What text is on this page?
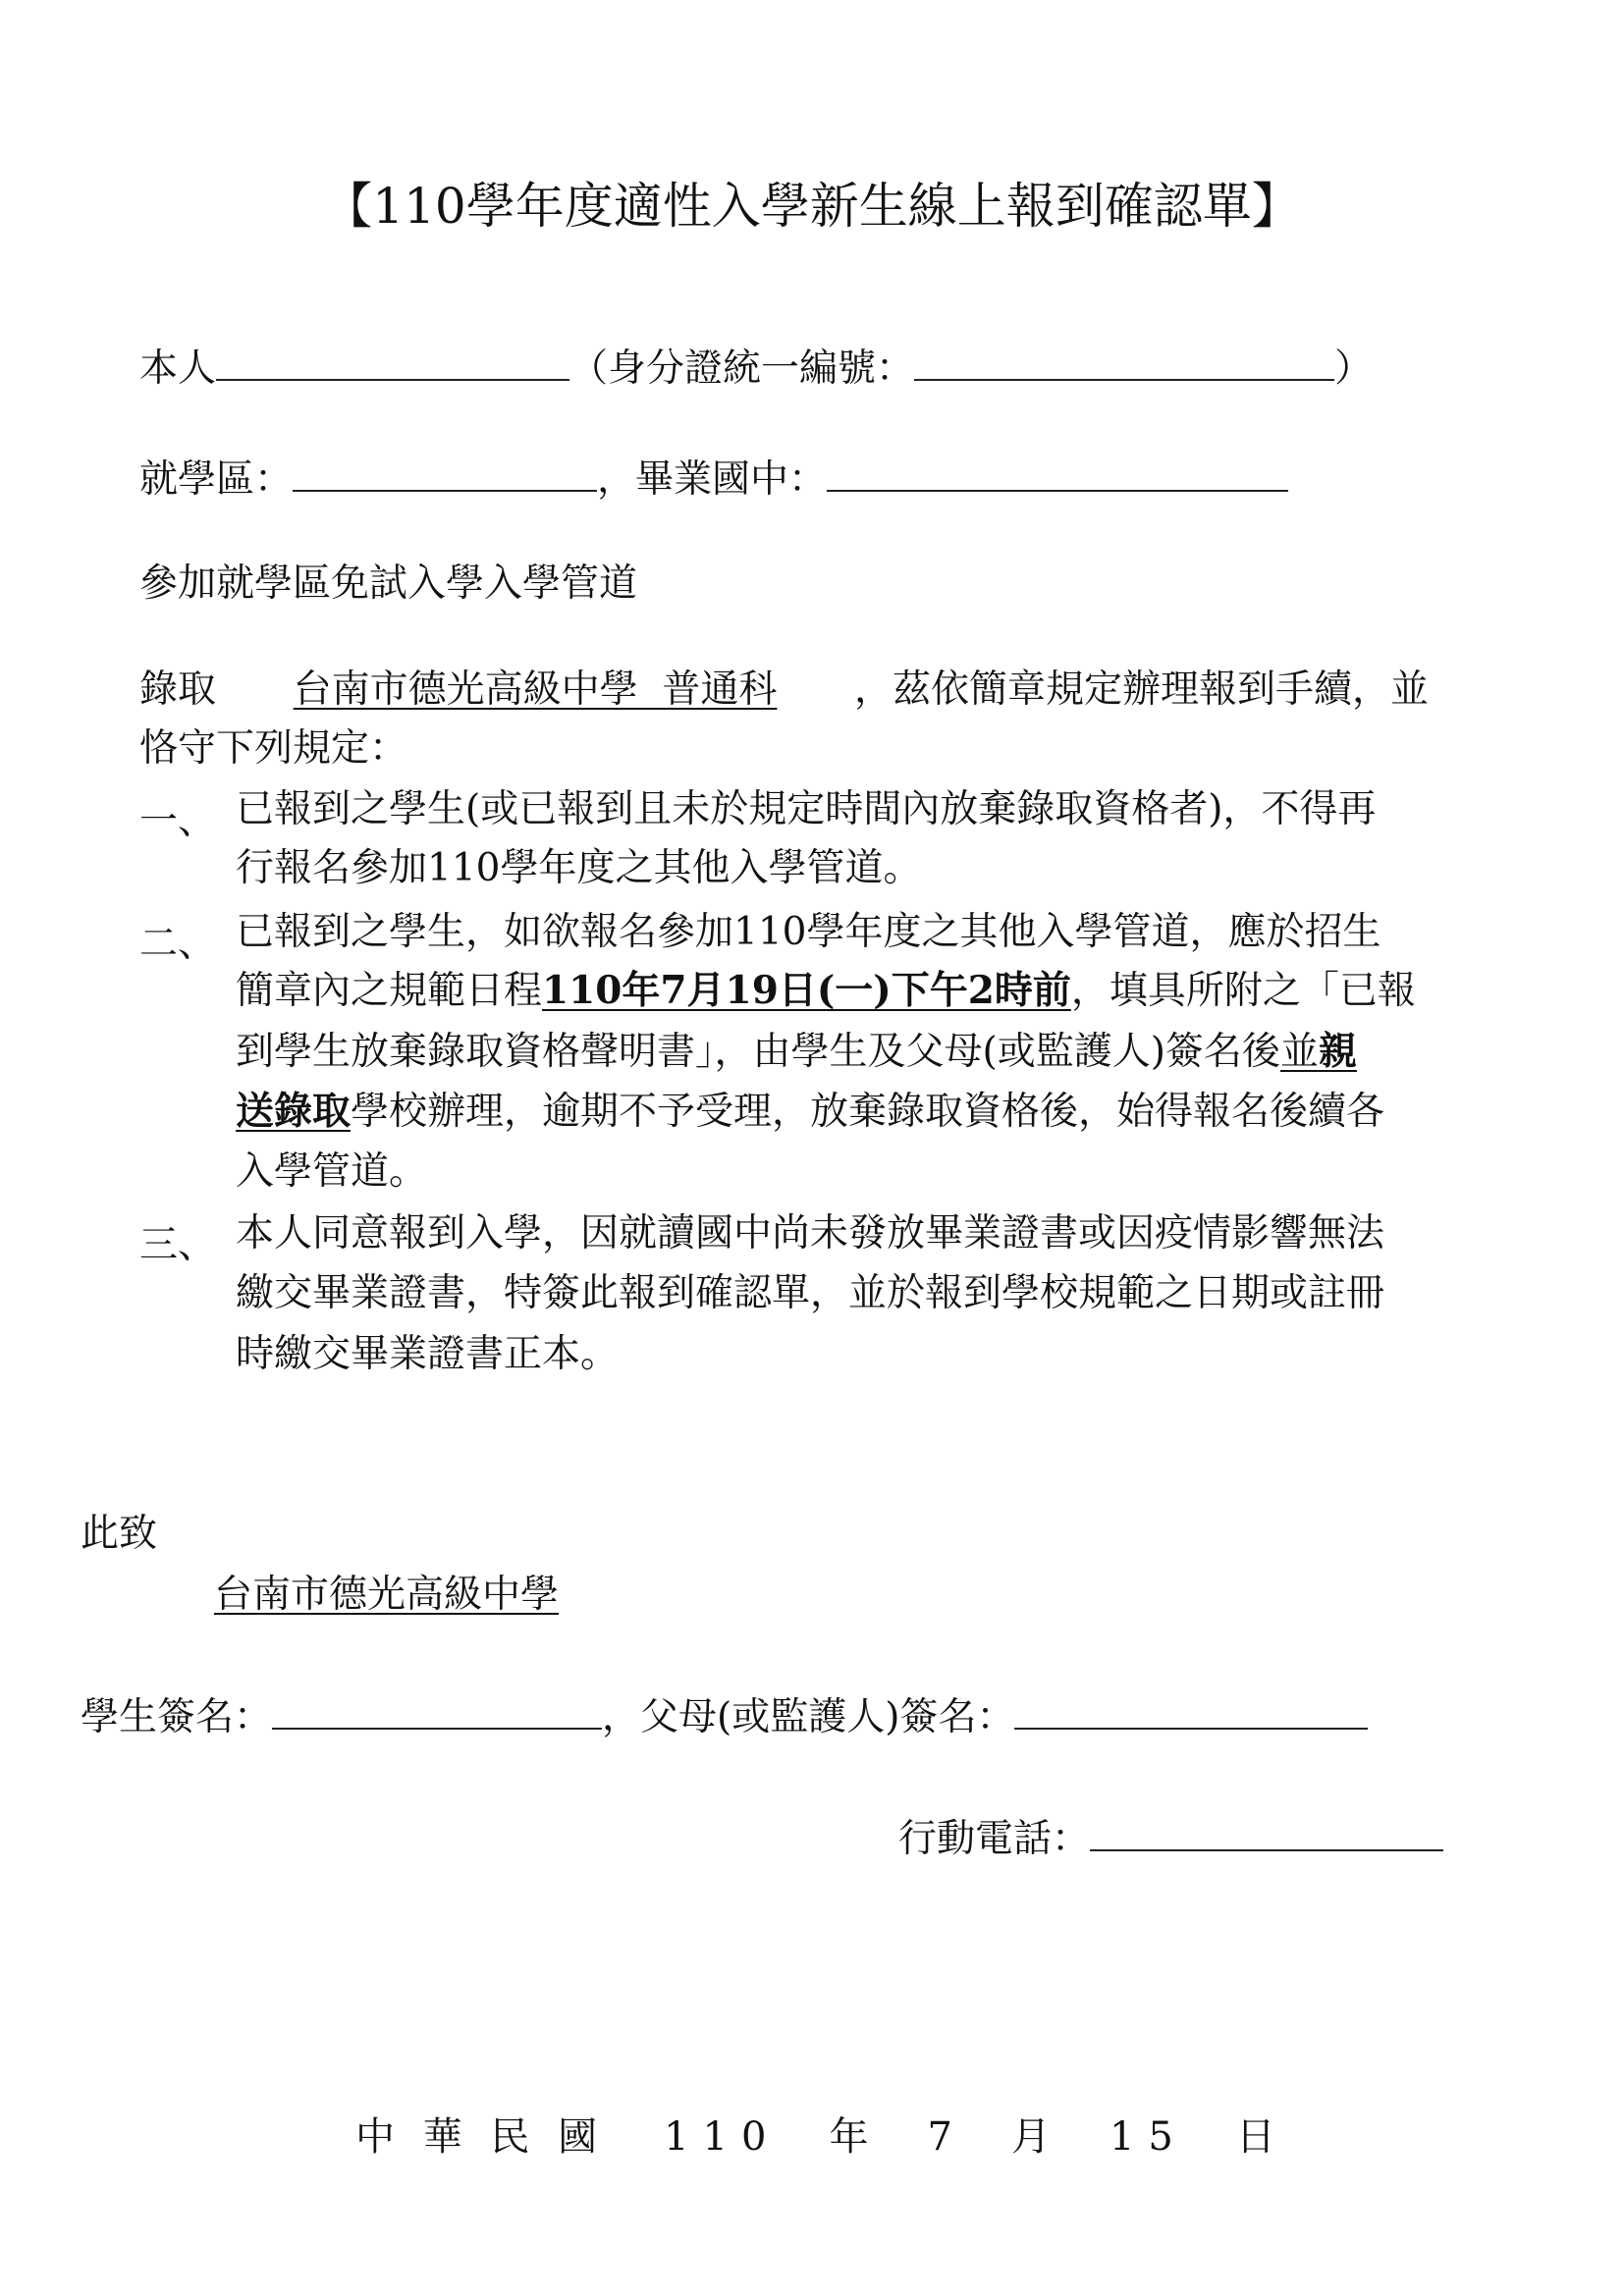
【110學年度適性入學新生線上報到確認單】
本人	（身分證統一編號：	）
就學區：	，畢業國中：
參加就學區免試入學入學管道
錄取 台南市德光高級中學  普通科 ，茲依簡章規定辦理報到手續，並
恪守下列規定：
一、 已報到之學生(或已報到且未於規定時間內放棄錄取資格者)，不得再
行報名參加110學年度之其他入學管道。
二、 已報到之學生，如欲報名參加110學年度之其他入學管道，應於招生
簡章內之規範日程110年7月19日(一)下午2時前，填具所附之「已報
到學生放棄錄取資格聲明書」，由學生及父母(或監護人)簽名後並親
送錄取學校辦理，逾期不予受理，放棄錄取資格後，始得報名後續各
入學管道。
三、 本人同意報到入學，因就讀國中尚未發放畢業證書或因疫情影響無法
繳交畢業證書，特簽此報到確認單，並於報到學校規範之日期或註冊
時繳交畢業證書正本。
此致
台南市德光高級中學
學生簽名：	，父母(或監護人)簽名：
行動電話：
中 華 民 國 110 年 7 月 15 日
